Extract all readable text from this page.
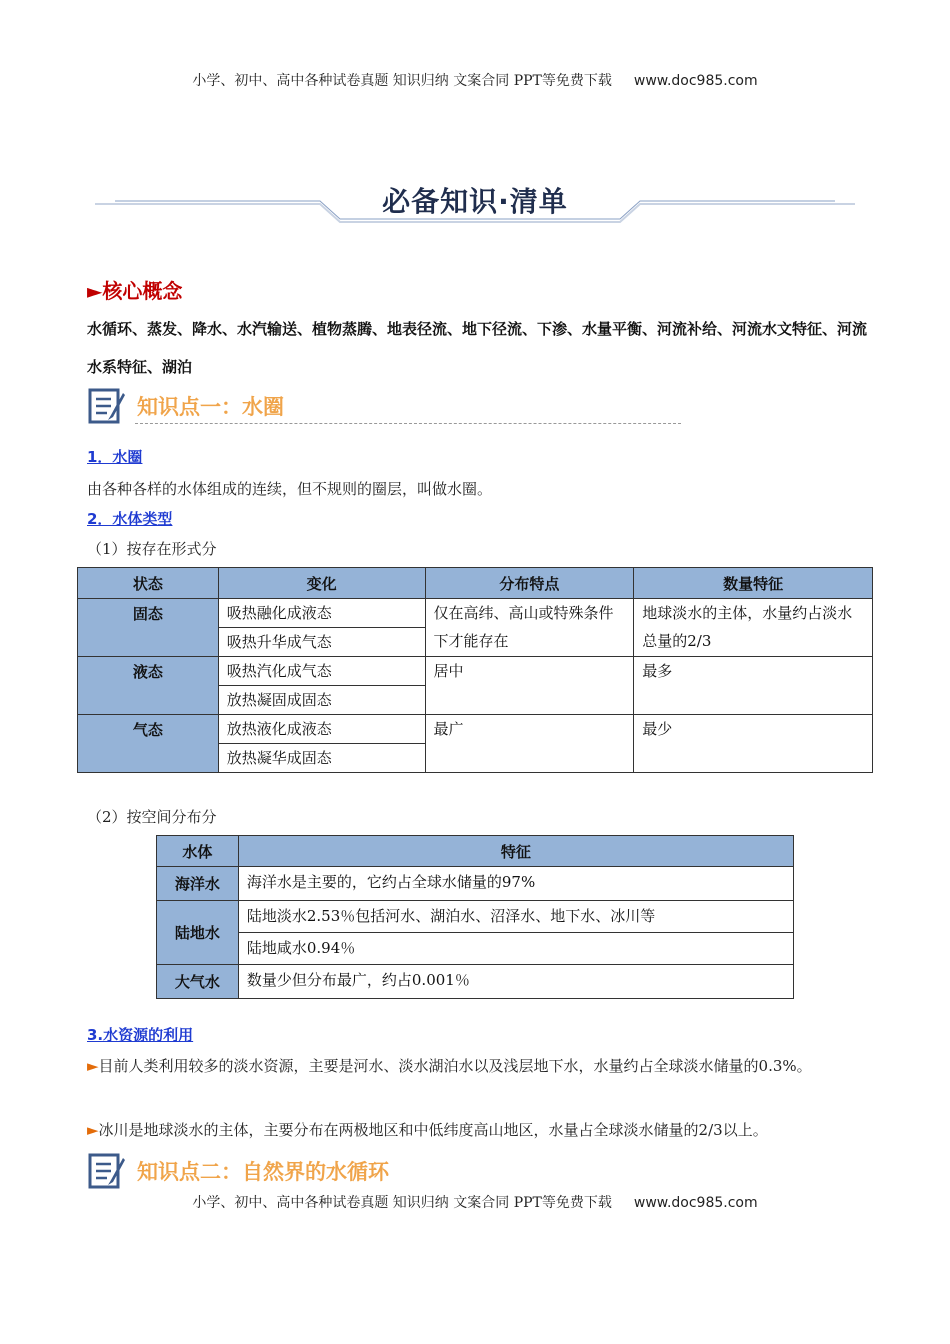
小学、初中、高中各种试卷真题 知识归纳 文案合同 PPT等免费下载 www.doc985.com
必备知识·清单
►核心概念
水循环、蒸发、降水、水汽输送、植物蒸腾、地表径流、地下径流、下渗、水量平衡、河流补给、河流水文特征、河流水系特征、湖泊
知识点一：水圈
1．水圈
由各种各样的水体组成的连续，但不规则的圈层，叫做水圈。
2．水体类型
（1）按存在形式分
状态	变化	分布特点	数量特征
固态	吸热融化成液态	仅在高纬、高山或特殊条件下才能存在	地球淡水的主体，水量约占淡水总量的2/3
	吸热升华成气态		
液态	吸热汽化成气态	居中	最多
	放热凝固成固态		
气态	放热液化成液态	最广	最少
	放热凝华成固态		
（2）按空间分布分
水体	特征
海洋水	海洋水是主要的，它约占全球水储量的97%
陆地水	陆地淡水2.53％包括河水、湖泊水、沼泽水、地下水、冰川等
	陆地咸水0.94％
大气水	数量少但分布最广，约占0.001％
3.水资源的利用
►目前人类利用较多的淡水资源，主要是河水、淡水湖泊水以及浅层地下水，水量约占全球淡水储量的0.3%。
►冰川是地球淡水的主体，主要分布在两极地区和中低纬度高山地区，水量占全球淡水储量的2/3以上。
知识点二：自然界的水循环
小学、初中、高中各种试卷真题 知识归纳 文案合同 PPT等免费下载 www.doc985.com
